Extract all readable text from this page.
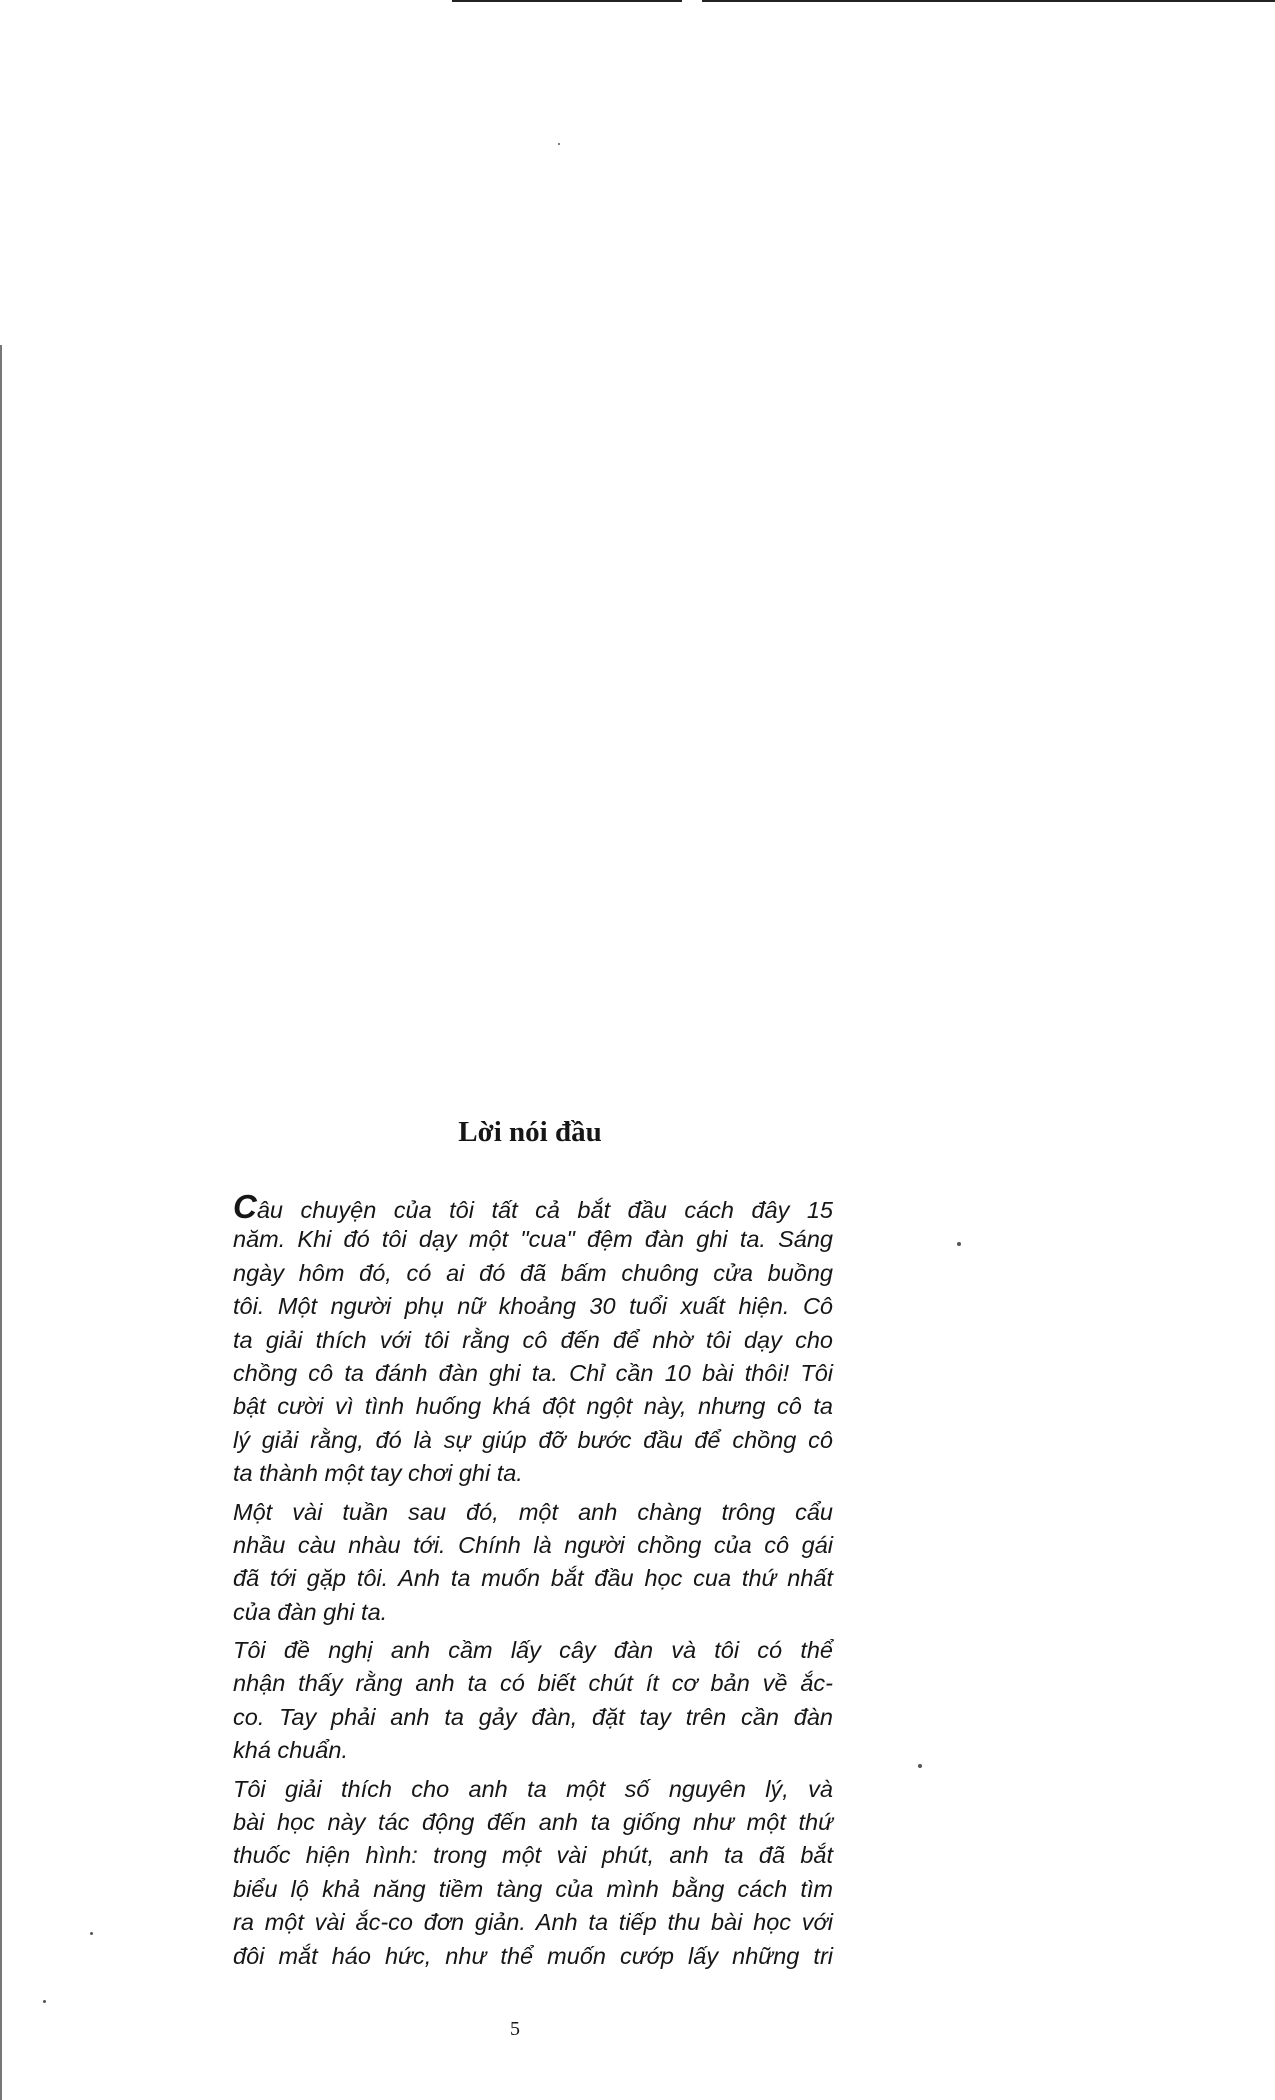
Lời nói đầu
Câu chuyện của tôi tất cả bắt đầu cách đây 15
năm. Khi đó tôi dạy một "cua" đệm đàn ghi ta. Sáng
ngày hôm đó, có ai đó đã bấm chuông cửa buồng
tôi. Một người phụ nữ khoảng 30 tuổi xuất hiện. Cô
ta giải thích với tôi rằng cô đến để nhờ tôi dạy cho
chồng cô ta đánh đàn ghi ta. Chỉ cần 10 bài thôi! Tôi
bật cười vì tình huống khá đột ngột này, nhưng cô ta
lý giải rằng, đó là sự giúp đỡ bước đầu để chồng cô
ta thành một tay chơi ghi ta.
Một vài tuần sau đó, một anh chàng trông cẩu
nhầu càu nhàu tới. Chính là người chồng của cô gái
đã tới gặp tôi. Anh ta muốn bắt đầu học cua thứ nhất
của đàn ghi ta.
Tôi đề nghị anh cầm lấy cây đàn và tôi có thể
nhận thấy rằng anh ta có biết chút ít cơ bản về ắc-
co. Tay phải anh ta gảy đàn, đặt tay trên cần đàn
khá chuẩn.
Tôi giải thích cho anh ta một số nguyên lý, và
bài học này tác động đến anh ta giống như một thứ
thuốc hiện hình: trong một vài phút, anh ta đã bắt
biểu lộ khả năng tiềm tàng của mình bằng cách tìm
ra một vài ắc-co đơn giản. Anh ta tiếp thu bài học với
đôi mắt háo hức, như thể muốn cướp lấy những tri
5
